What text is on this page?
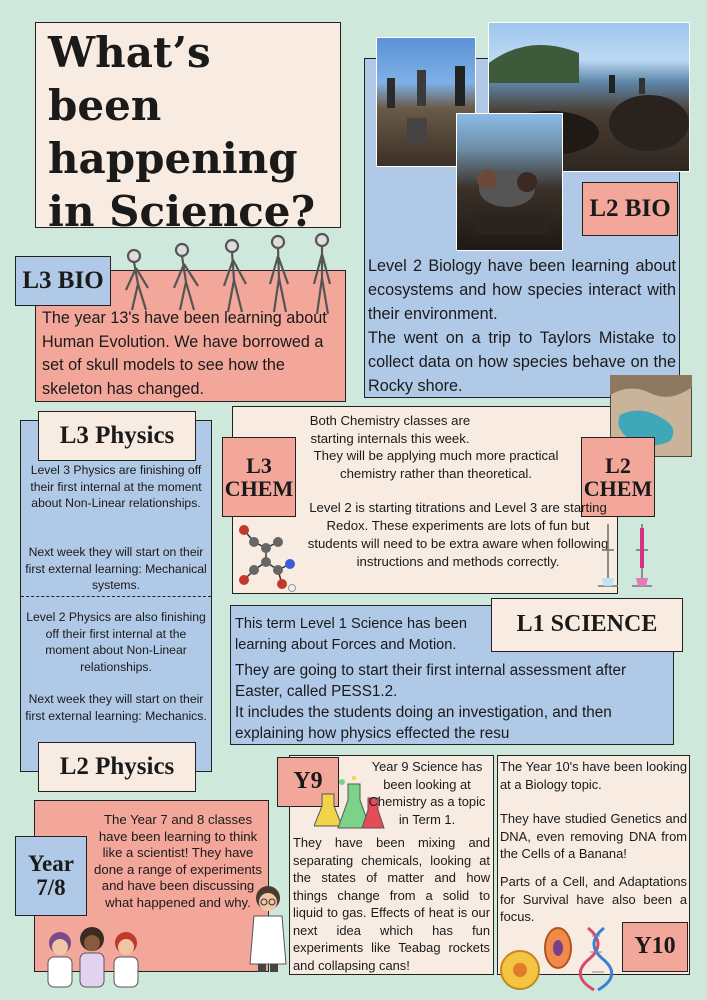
What’s been happening in Science?	L2 BIO
Level 2 Biology have been learning about ecosystems and how species interact with their environment.
The went on a trip to Taylors Mistake to collect data on how species behave on the Rocky shore.
L3 BIO
The year 13's have been learning about Human Evolution. We have borrowed a set of skull models to see how the skeleton has changed.
L3 Physics
Level 3 Physics are finishing off their first internal at the moment about Non-Linear relationships.
Next week they will start on their first external learning: Mechanical systems.
Level 2 Physics are also finishing off their first internal at the moment about Non-Linear relationships.
Next week they will start on their first external learning: Mechanics.
L2 Physics
L3 CHEM
L2 CHEM
Both Chemistry classes are starting internals this week.
They will be applying much more practical chemistry rather than theoretical.
Level 2 is starting titrations and Level 3 are starting Redox. These experiments are lots of fun but students will need to be extra aware when following instructions and methods correctly.
L1 SCIENCE
This term Level 1 Science has been learning about Forces and Motion.
They are going to start their first internal assessment after Easter, called PESS1.2.
It includes the students doing an investigation, and then explaining how physics effected the resu
Year 7/8
The Year 7 and 8 classes have been learning to think like a scientist! They have done a range of experiments and have been discussing what happened and why.
Y9
Year 9 Science has been looking at Chemistry as a topic in Term 1.
They have been mixing and separating chemicals, looking at the states of matter and how things change from a solid to liquid to gas. Effects of heat is our next idea which has fun experiments like Teabag rockets and collapsing cans!
The Year 10's have been looking at a Biology topic.
They have studied Genetics and DNA, even removing DNA from the Cells of a Banana!
Parts of a Cell, and Adaptations for Survival have also been a focus.
Y10
